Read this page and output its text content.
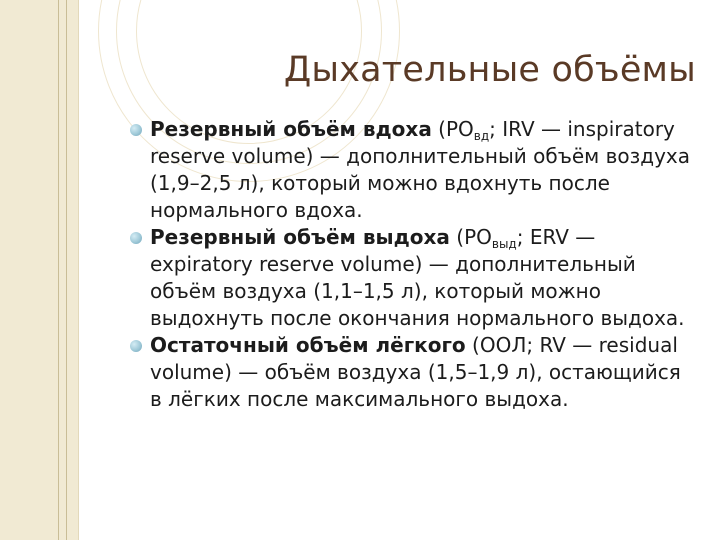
Дыхательные объёмы
Резервный объём вдоха ($РО_{вд}$; IRV — inspiratory reserve volume) — дополнительный объём воздуха (1,9–2,5 л), который можно вдохнуть после нормального вдоха.
Резервный объём выдоха ($РО_{выд}$; ERV — expiratory reserve volume) — дополнительный объём воздуха (1,1–1,5 л), который можно выдохнуть после окончания нормального выдоха.
Остаточный объём лёгкого (ООЛ; RV — residual volume) — объём воздуха (1,5–1,9 л), остающийся в лёгких после максимального выдоха.
